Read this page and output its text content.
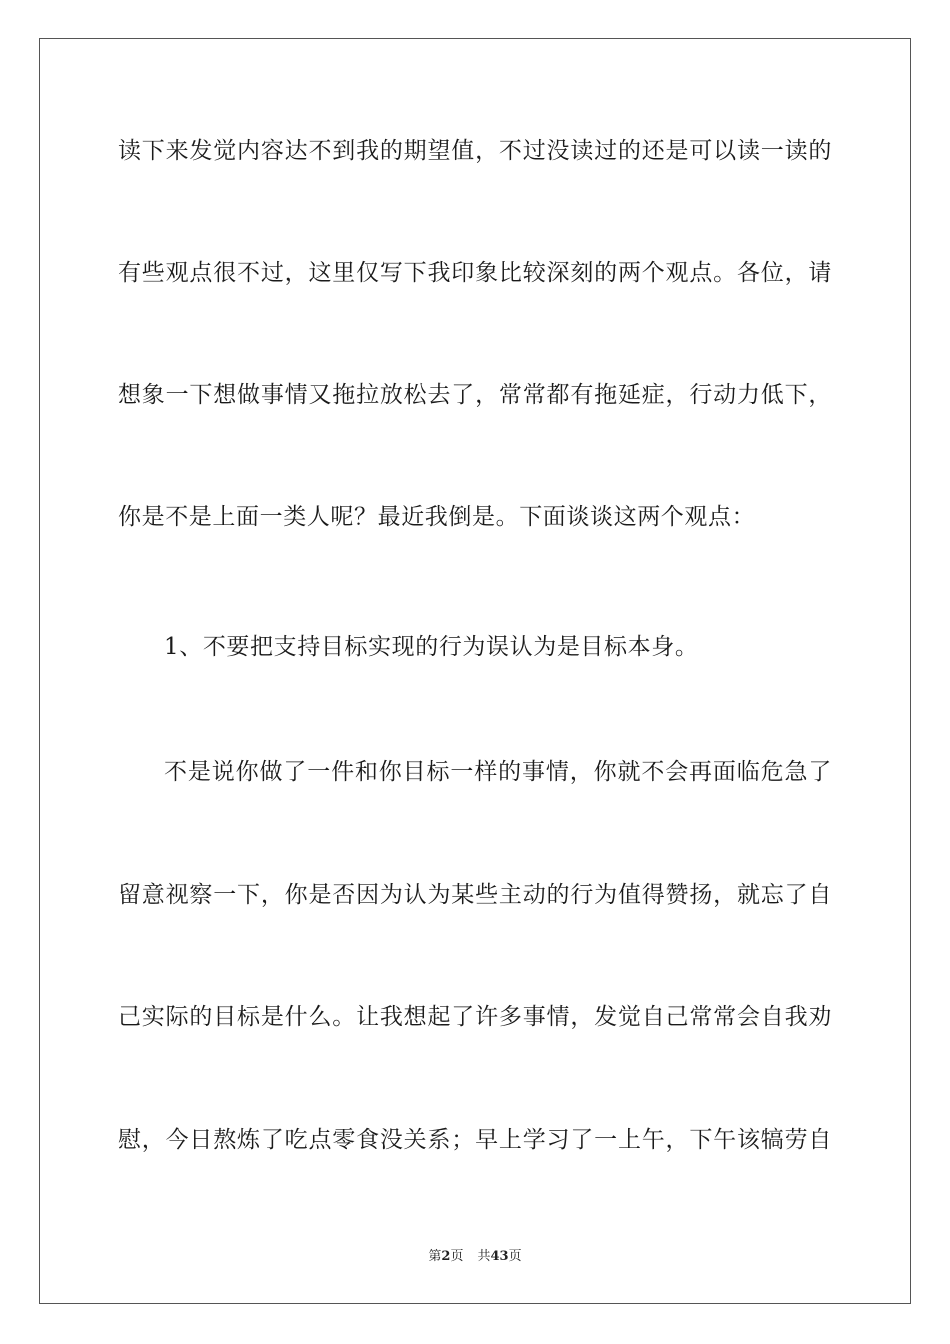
读下来发觉内容达不到我的期望值，不过没读过的还是可以读一读的
有些观点很不过，这里仅写下我印象比较深刻的两个观点。各位，请
想象一下想做事情又拖拉放松去了，常常都有拖延症，行动力低下，
你是不是上面一类人呢？最近我倒是。下面谈谈这两个观点：
1、不要把支持目标实现的行为误认为是目标本身。
不是说你做了一件和你目标一样的事情，你就不会再面临危急了
留意视察一下，你是否因为认为某些主动的行为值得赞扬，就忘了自
己实际的目标是什么。让我想起了许多事情，发觉自己常常会自我劝
慰，今日熬炼了吃点零食没关系；早上学习了一上午，下午该犒劳自
第2页 共43页
